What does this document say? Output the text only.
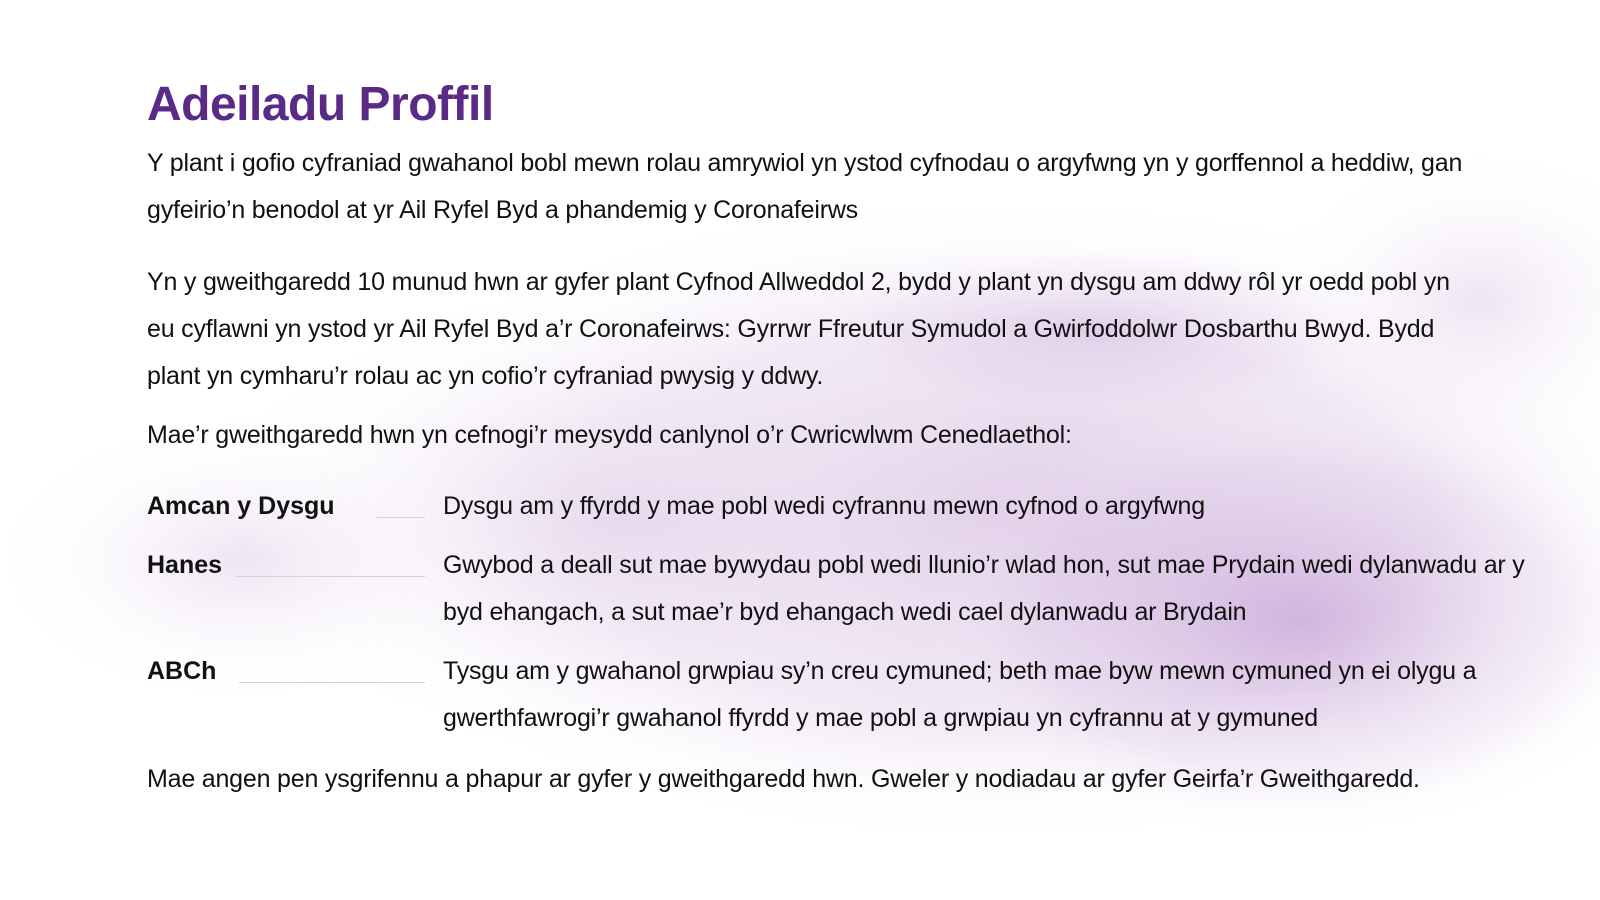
Adeiladu Proffil

Y plant i gofio cyfraniad gwahanol bobl mewn rolau amrywiol yn ystod cyfnodau o argyfwng yn y gorffennol a heddiw, gan gyfeirio’n benodol at yr Ail Ryfel Byd a phandemig y Coronafeirws

Yn y gweithgaredd 10 munud hwn ar gyfer plant Cyfnod Allweddol 2, bydd y plant yn dysgu am ddwy rôl yr oedd pobl yn eu cyflawni yn ystod yr Ail Ryfel Byd a’r Coronafeirws: Gyrrwr Ffreutur Symudol a Gwirfoddolwr Dosbarthu Bwyd. Bydd plant yn cymharu’r rolau ac yn cofio’r cyfraniad pwysig y ddwy.

Mae’r gweithgaredd hwn yn cefnogi’r meysydd canlynol o’r Cwricwlwm Cenedlaethol:

Amcan y Dysgu	Dysgu am y ffyrdd y mae pobl wedi cyfrannu mewn cyfnod o argyfwng
Hanes	Gwybod a deall sut mae bywydau pobl wedi llunio’r wlad hon, sut mae Prydain wedi dylanwadu ar y byd ehangach, a sut mae’r byd ehangach wedi cael dylanwadu ar Brydain
ABCh	Tysgu am y gwahanol grwpiau sy’n creu cymuned; beth mae byw mewn cymuned yn ei olygu a gwerthfawrogi’r gwahanol ffyrdd y mae pobl a grwpiau yn cyfrannu at y gymuned

Mae angen pen ysgrifennu a phapur ar gyfer y gweithgaredd hwn. Gweler y nodiadau ar gyfer Geirfa’r Gweithgaredd.
